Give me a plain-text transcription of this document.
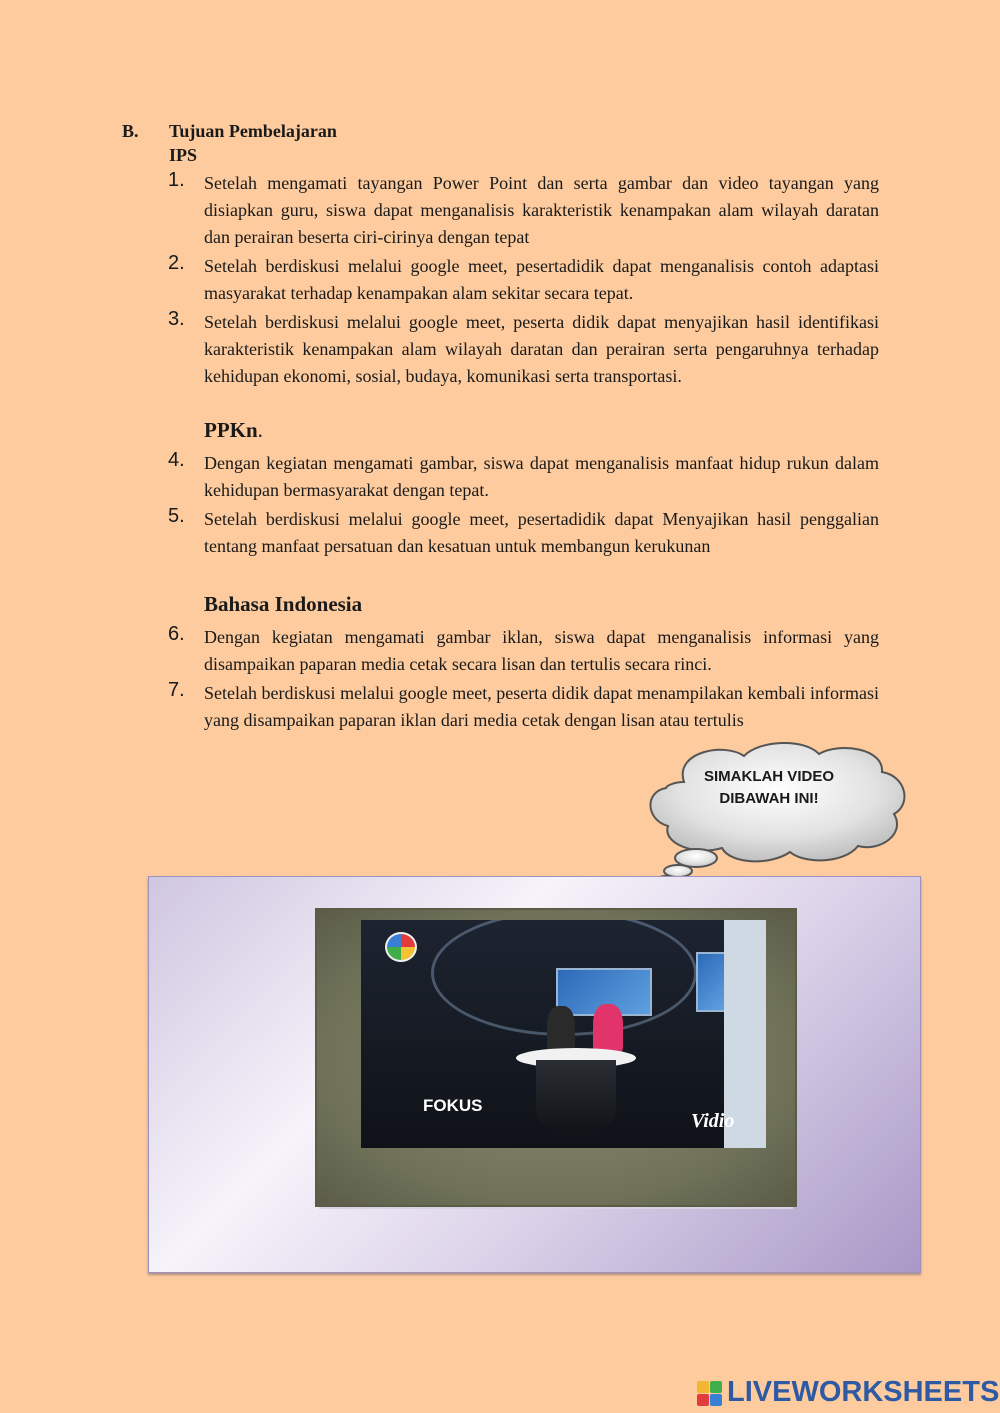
B. Tujuan Pembelajaran
IPS
1. Setelah mengamati tayangan Power Point dan serta gambar dan video tayangan yang disiapkan guru, siswa dapat menganalisis karakteristik kenampakan alam wilayah daratan dan perairan beserta ciri-cirinya dengan tepat
2. Setelah berdiskusi melalui google meet, pesertadidik dapat menganalisis contoh adaptasi masyarakat terhadap kenampakan alam sekitar secara tepat.
3. Setelah berdiskusi melalui google meet, peserta didik dapat menyajikan hasil identifikasi karakteristik kenampakan alam wilayah daratan dan perairan serta pengaruhnya terhadap kehidupan ekonomi, sosial, budaya, komunikasi serta transportasi.
PPKn.
4. Dengan kegiatan mengamati gambar, siswa dapat menganalisis manfaat hidup rukun dalam kehidupan bermasyarakat dengan tepat.
5. Setelah berdiskusi melalui google meet, pesertadidik dapat Menyajikan hasil penggalian tentang manfaat persatuan dan kesatuan untuk membangun kerukunan
Bahasa Indonesia
6. Dengan kegiatan mengamati gambar iklan, siswa dapat menganalisis informasi yang disampaikan paparan media cetak secara lisan dan tertulis secara rinci.
7. Setelah berdiskusi melalui google meet, peserta didik dapat menampilakan kembali informasi yang disampaikan paparan iklan dari media cetak dengan lisan atau tertulis
SIMAKLAH VIDEO
DIBAWAH INI!
FOKUS
Vidio
LIVEWORKSHEETS
